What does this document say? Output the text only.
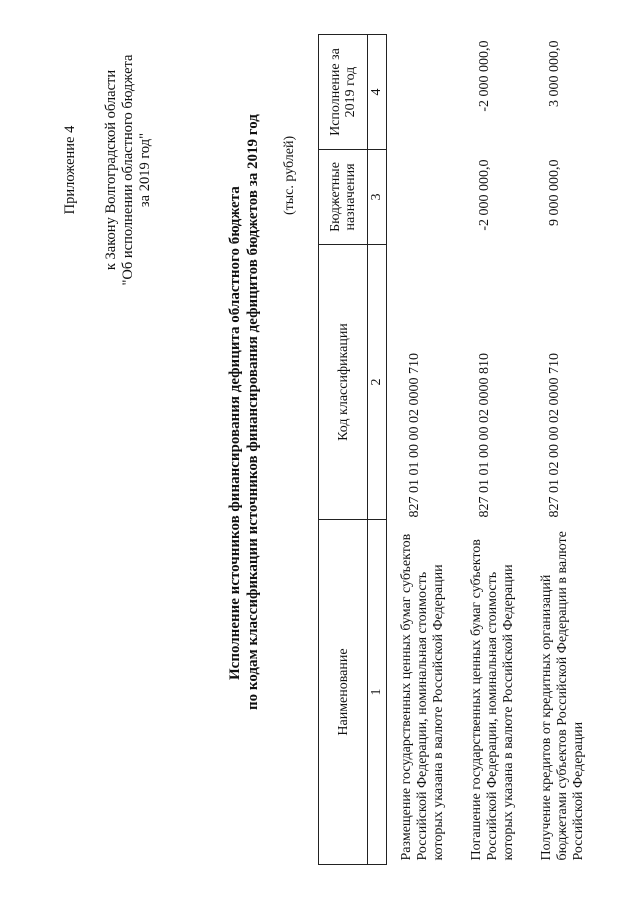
Приложение 4 к Закону Волгоградской области "Об исполнении областного бюджета за 2019 год"
Исполнение источников финансирования дефицита областного бюджета по кодам классификации источников финансирования дефицитов бюджетов за 2019 год (тыс. рублей)
Наименование	Код классификации	Бюджетные назначения	Исполнение за 2019 год
1	2	3	4
Размещение государственных ценных бумаг субъектов Российской Федерации, номинальная стоимость которых указана в валюте Российской Федерации	827 01 01 00 00 02 0000 710		
Погашение государственных ценных бумаг субъектов Российской Федерации, номинальная стоимость которых указана в валюте Российской Федерации	827 01 01 00 00 02 0000 810	-2 000 000,0	-2 000 000,0
Получение кредитов от кредитных организаций бюджетами субъектов Российской Федерации в валюте Российской Федерации	827 01 02 00 00 02 0000 710	9 000 000,0	3 000 000,0
